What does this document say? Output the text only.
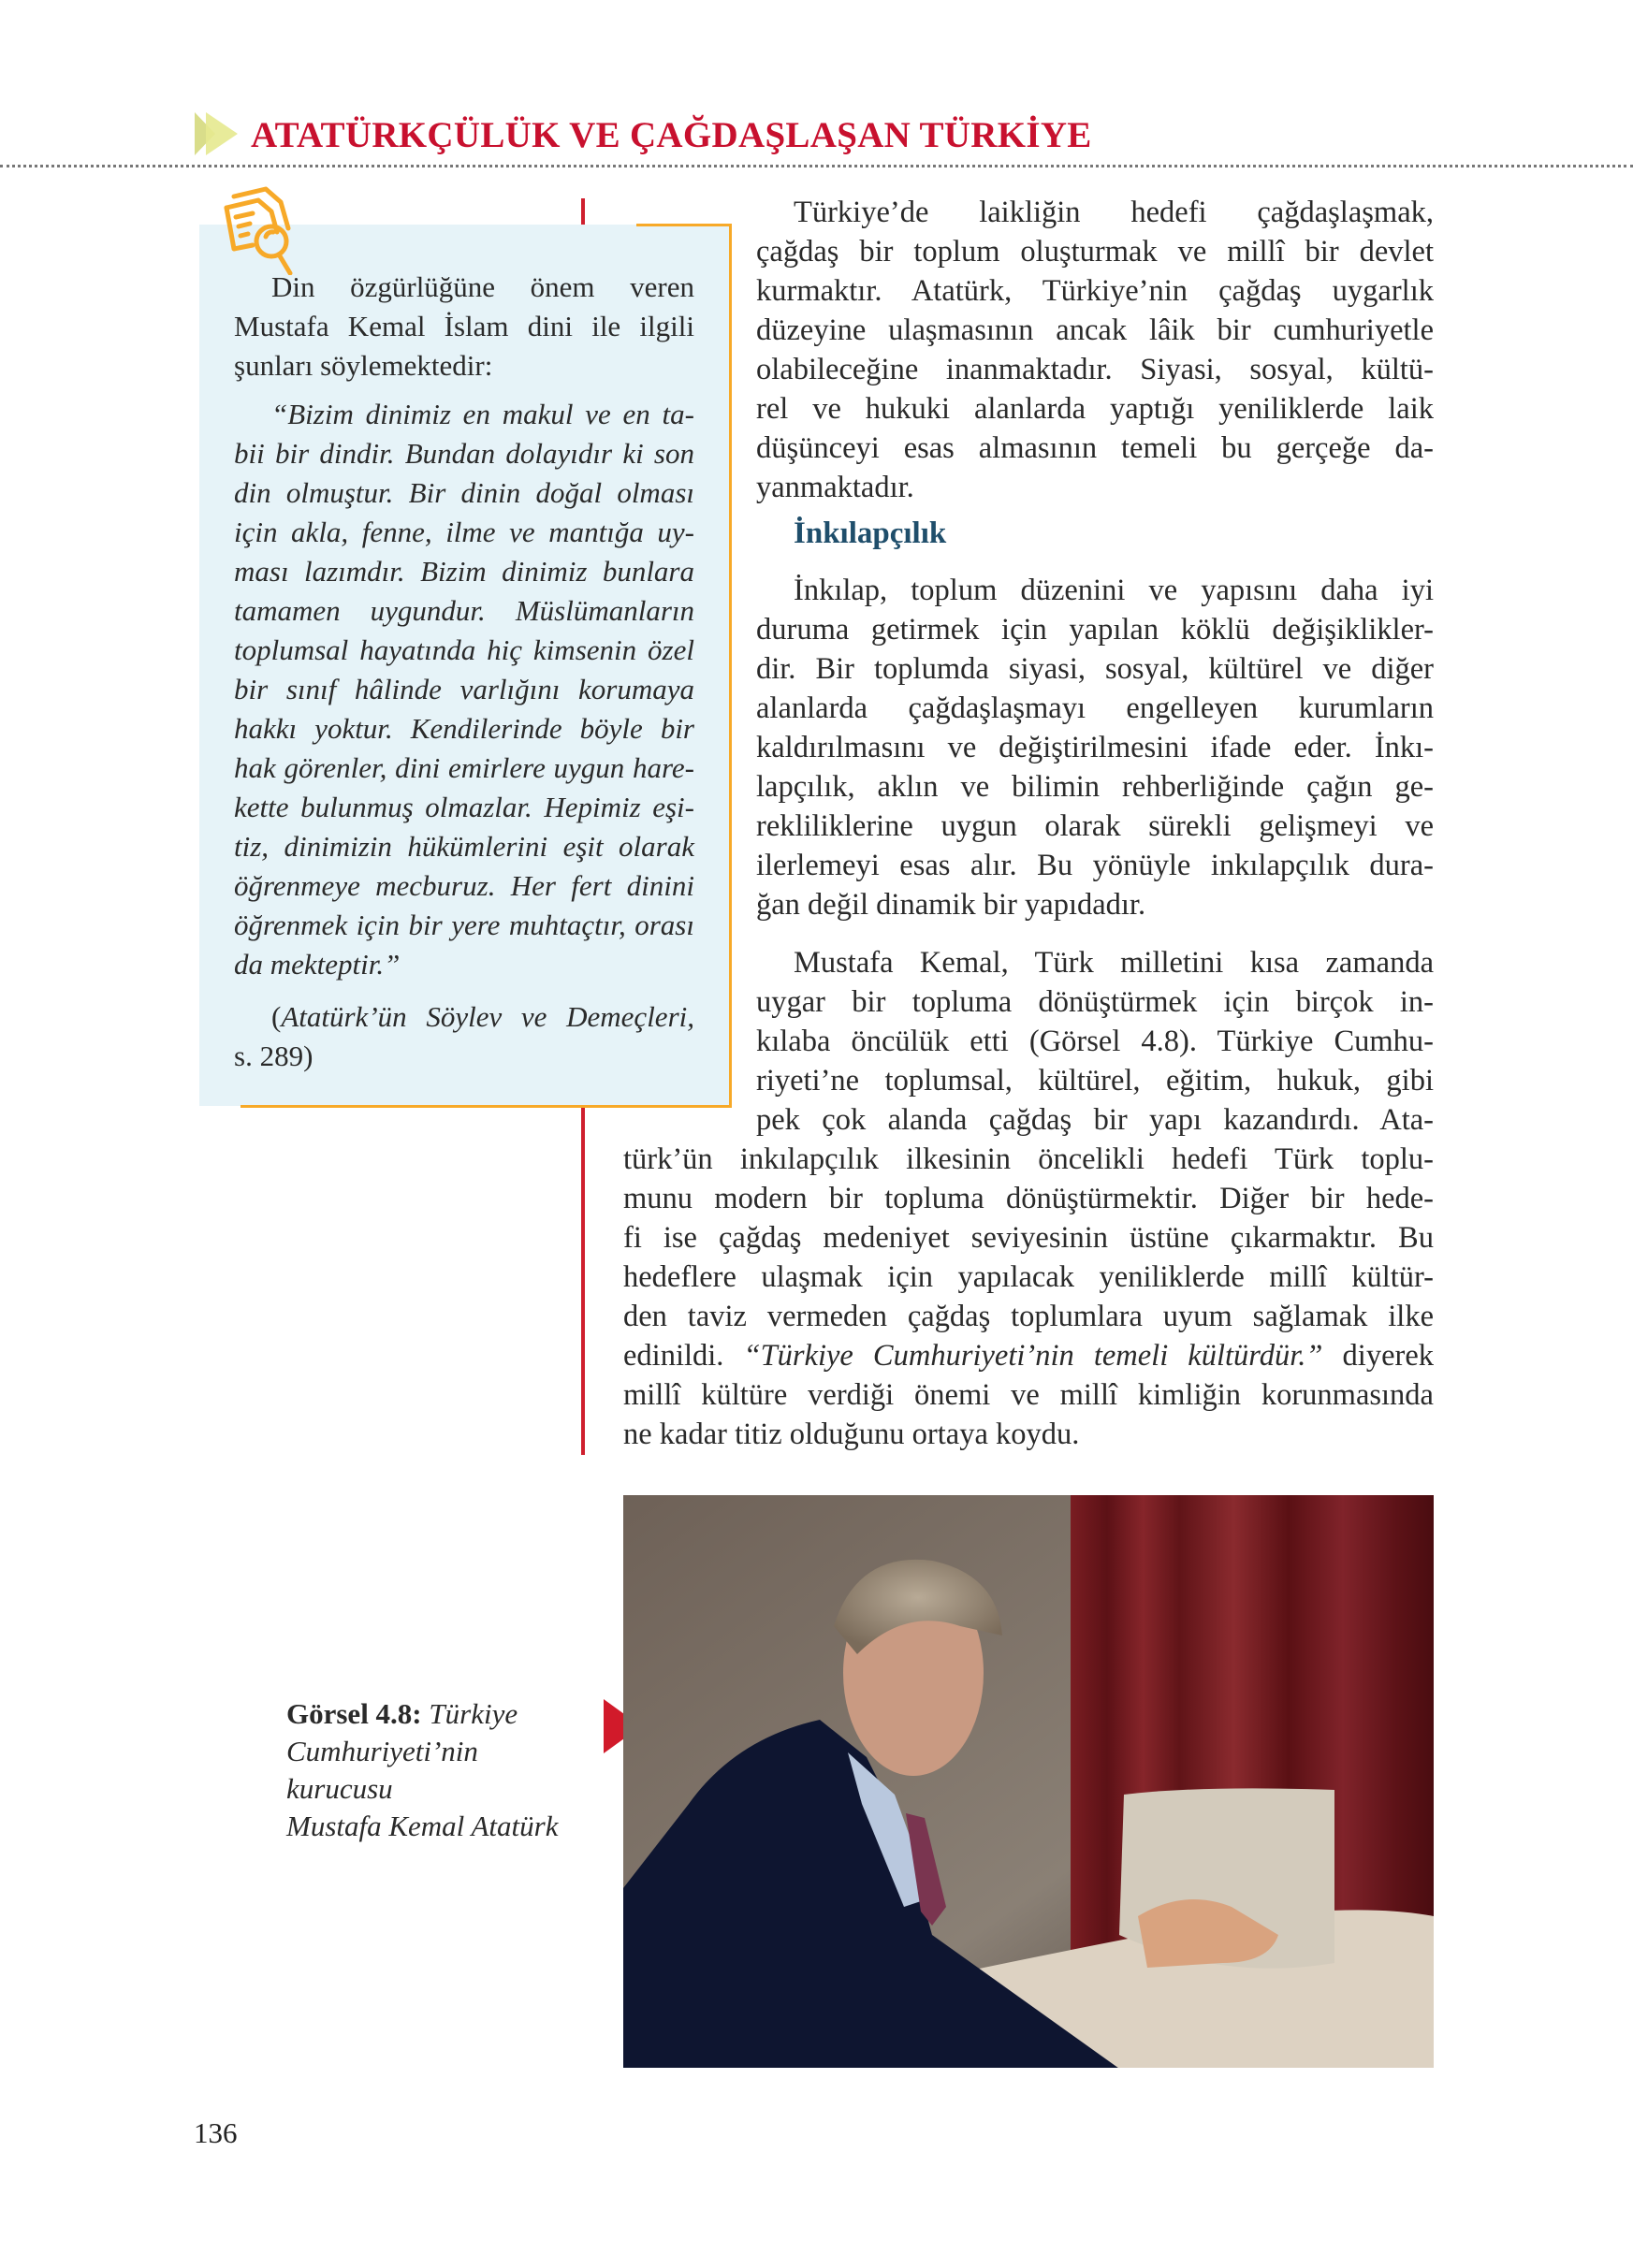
ATATÜRKÇÜLÜK VE ÇAĞDAŞLAŞAN TÜRKİYE
Din özgürlüğüne önem veren
Mustafa Kemal İslam dini ile ilgili
şunları söylemektedir:
“Bizim dinimiz en makul ve en ta-
bii bir dindir. Bundan dolayıdır ki son
din olmuştur. Bir dinin doğal olması
için akla, fenne, ilme ve mantığa uy-
ması lazımdır. Bizim dinimiz bunlara
tamamen uygundur. Müslümanların
toplumsal hayatında hiç kimsenin özel
bir sınıf hâlinde varlığını korumaya
hakkı yoktur. Kendilerinde böyle bir
hak görenler, dini emirlere uygun hare-
kette bulunmuş olmazlar. Hepimiz eşi-
tiz, dinimizin hükümlerini eşit olarak
öğrenmeye mecburuz. Her fert dinini
öğrenmek için bir yere muhtaçtır, orası
da mekteptir.”
(Atatürk’ün Söylev ve Demeçleri,
s. 289)
Türkiye’de laikliğin hedefi çağdaşlaşmak,
çağdaş bir toplum oluşturmak ve millî bir devlet
kurmaktır. Atatürk, Türkiye’nin çağdaş uygarlık
düzeyine ulaşmasının ancak lâik bir cumhuriyetle
olabileceğine inanmaktadır. Siyasi, sosyal, kültü-
rel ve hukuki alanlarda yaptığı yeniliklerde laik
düşünceyi esas almasının temeli bu gerçeğe da-
yanmaktadır.
İnkılapçılık
İnkılap, toplum düzenini ve yapısını daha iyi
duruma getirmek için yapılan köklü değişiklikler-
dir. Bir toplumda siyasi, sosyal, kültürel ve diğer
alanlarda çağdaşlaşmayı engelleyen kurumların
kaldırılmasını ve değiştirilmesini ifade eder. İnkı-
lapçılık, aklın ve bilimin rehberliğinde çağın ge-
rekliliklerine uygun olarak sürekli gelişmeyi ve
ilerlemeyi esas alır. Bu yönüyle inkılapçılık dura-
ğan değil dinamik bir yapıdadır.
Mustafa Kemal, Türk milletini kısa zamanda
uygar bir topluma dönüştürmek için birçok in-
kılaba öncülük etti (Görsel 4.8). Türkiye Cumhu-
riyeti’ne toplumsal, kültürel, eğitim, hukuk, gibi
pek çok alanda çağdaş bir yapı kazandırdı. Ata-
türk’ün inkılapçılık ilkesinin öncelikli hedefi Türk toplu-
munu modern bir topluma dönüştürmektir. Diğer bir hede-
fi ise çağdaş medeniyet seviyesinin üstüne çıkarmaktır. Bu
hedeflere ulaşmak için yapılacak yeniliklerde millî kültür-
den taviz vermeden çağdaş toplumlara uyum sağlamak ilke
edinildi. “Türkiye Cumhuriyeti’nin temeli kültürdür.” diyerek
millî kültüre verdiği önemi ve millî kimliğin korunmasında
ne kadar titiz olduğunu ortaya koydu.
Görsel 4.8: Türkiye
Cumhuriyeti’nin
kurucusu
Mustafa Kemal Atatürk
136
